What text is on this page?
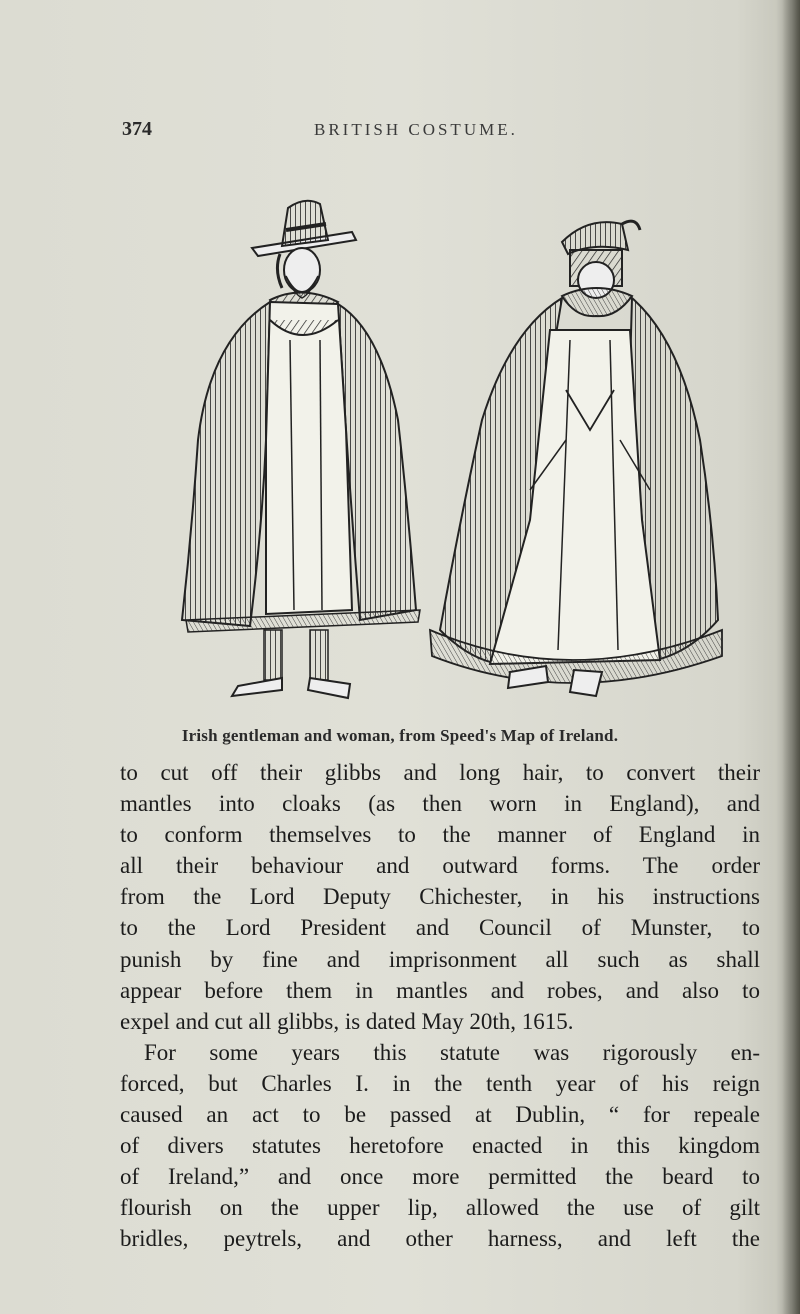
374	BRITISH COSTUME.
Irish gentleman and woman, from Speed's Map of Ireland.
to cut off their glibbs and long hair, to convert their
mantles into cloaks (as then worn in England), and
to conform themselves to the manner of England in
all their behaviour and outward forms. The order
from the Lord Deputy Chichester, in his instructions
to the Lord President and Council of Munster, to
punish by fine and imprisonment all such as shall
appear before them in mantles and robes, and also to
expel and cut all glibbs, is dated May 20th, 1615.
For some years this statute was rigorously en-
forced, but Charles I. in the tenth year of his reign
caused an act to be passed at Dublin, “ for repeale
of divers statutes heretofore enacted in this kingdom
of Ireland,” and once more permitted the beard to
flourish on the upper lip, allowed the use of gilt
bridles, peytrels, and other harness, and left the
